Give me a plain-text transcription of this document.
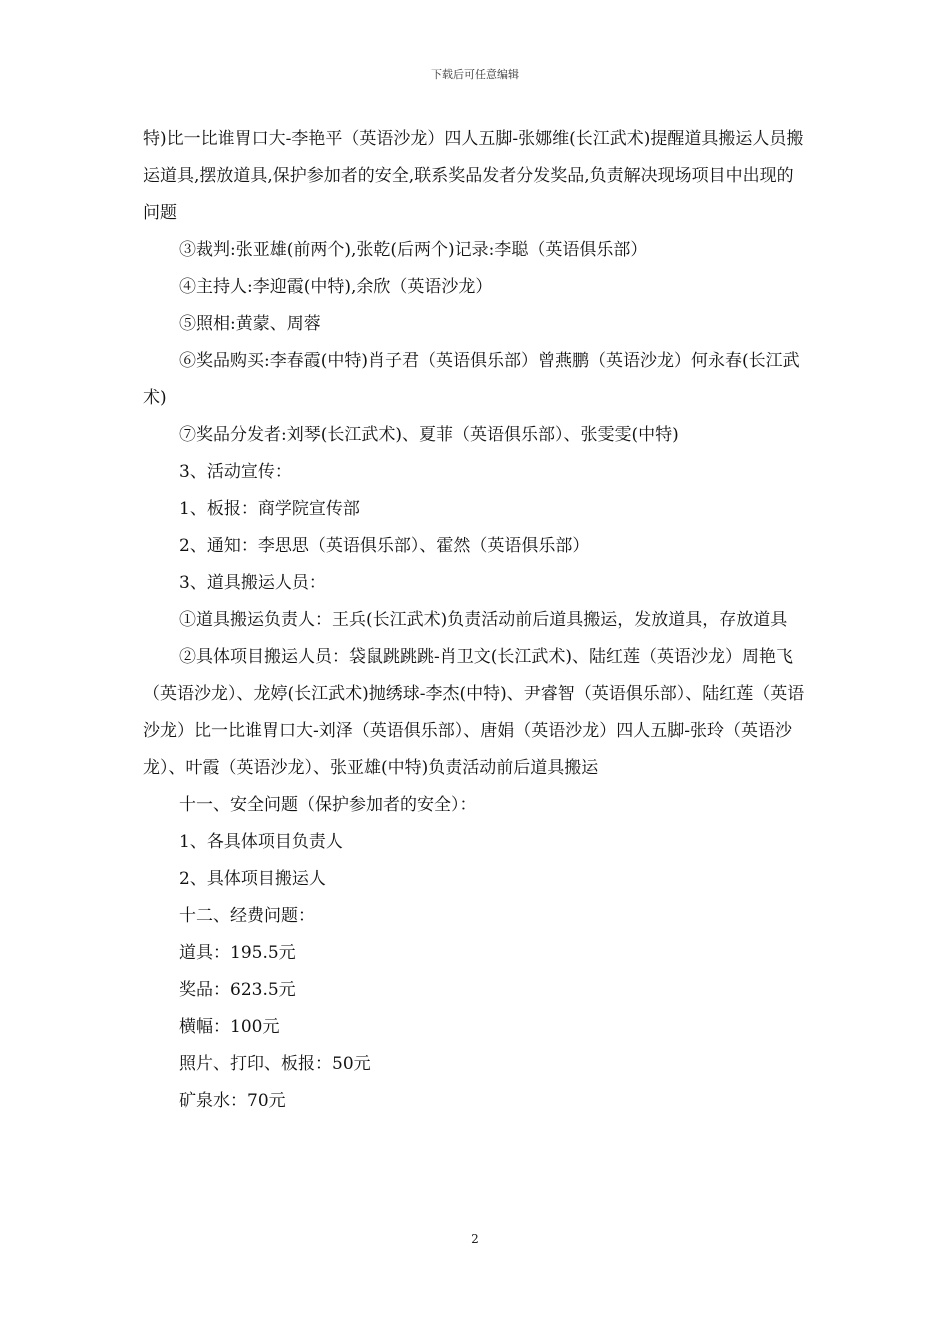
下载后可任意编辑

特)比一比谁胃口大-李艳平（英语沙龙）四人五脚-张娜维(长江武术)提醒道具搬运人员搬运道具,摆放道具,保护参加者的安全,联系奖品发者分发奖品,负责解决现场项目中出现的问题

③裁判:张亚雄(前两个),张乾(后两个)记录:李聪（英语俱乐部）

④主持人:李迎霞(中特),余欣（英语沙龙）

⑤照相:黄蒙、周蓉

⑥奖品购买:李春霞(中特)肖子君（英语俱乐部）曾燕鹏（英语沙龙）何永春(长江武术)

⑦奖品分发者:刘琴(长江武术)、夏菲（英语俱乐部）、张雯雯(中特)

3、活动宣传：

1、板报：商学院宣传部

2、通知：李思思（英语俱乐部）、霍然（英语俱乐部）

3、道具搬运人员：

①道具搬运负责人：王兵(长江武术)负责活动前后道具搬运，发放道具，存放道具

②具体项目搬运人员：袋鼠跳跳跳-肖卫文(长江武术)、陆红莲（英语沙龙）周艳飞（英语沙龙）、龙婷(长江武术)抛绣球-李杰(中特)、尹睿智（英语俱乐部）、陆红莲（英语沙龙）比一比谁胃口大-刘泽（英语俱乐部）、唐娟（英语沙龙）四人五脚-张玲（英语沙龙）、叶霞（英语沙龙）、张亚雄(中特)负责活动前后道具搬运

十一、安全问题（保护参加者的安全）：

1、各具体项目负责人

2、具体项目搬运人

十二、经费问题：

道具：195.5元

奖品：623.5元

横幅：100元

照片、打印、板报：50元

矿泉水：70元

2
